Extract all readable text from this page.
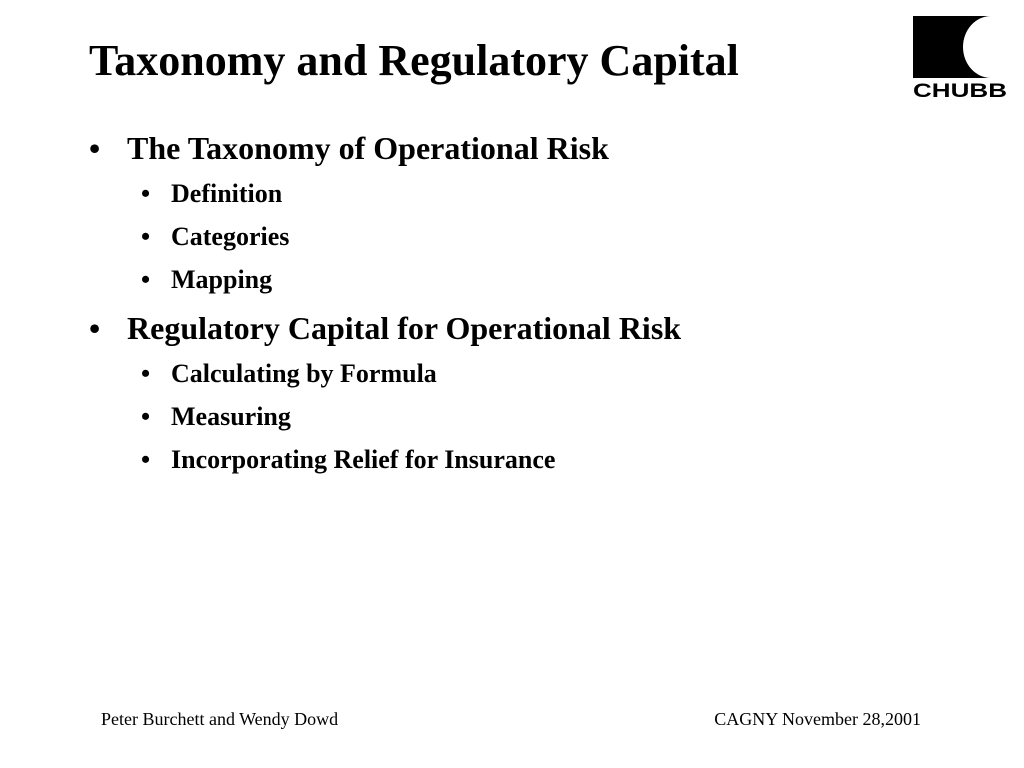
Taxonomy and Regulatory Capital
CHUBB
• The Taxonomy of Operational Risk
• Definition
• Categories
• Mapping
• Regulatory Capital for Operational Risk
• Calculating by Formula
• Measuring
• Incorporating Relief for Insurance
Peter Burchett and Wendy Dowd	CAGNY November 28,2001
